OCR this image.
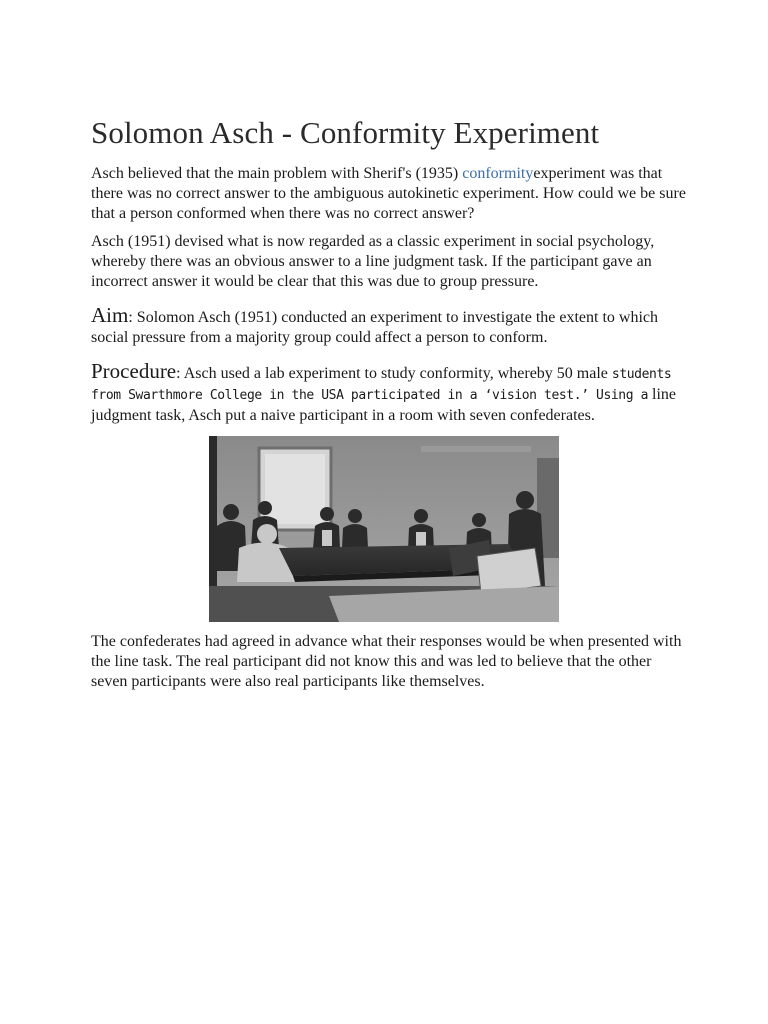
Solomon Asch - Conformity Experiment

Asch believed that the main problem with Sherif's (1935) conformityexperiment was that there was no correct answer to the ambiguous autokinetic experiment. How could we be sure that a person conformed when there was no correct answer?

Asch (1951) devised what is now regarded as a classic experiment in social psychology, whereby there was an obvious answer to a line judgment task. If the participant gave an incorrect answer it would be clear that this was due to group pressure.

Aim: Solomon Asch (1951) conducted an experiment to investigate the extent to which social pressure from a majority group could affect a person to conform.

Procedure: Asch used a lab experiment to study conformity, whereby 50 male students from Swarthmore College in the USA participated in a ‘vision test.’ Using a line judgment task, Asch put a naive participant in a room with seven confederates.

The confederates had agreed in advance what their responses would be when presented with the line task. The real participant did not know this and was led to believe that the other seven participants were also real participants like themselves.
